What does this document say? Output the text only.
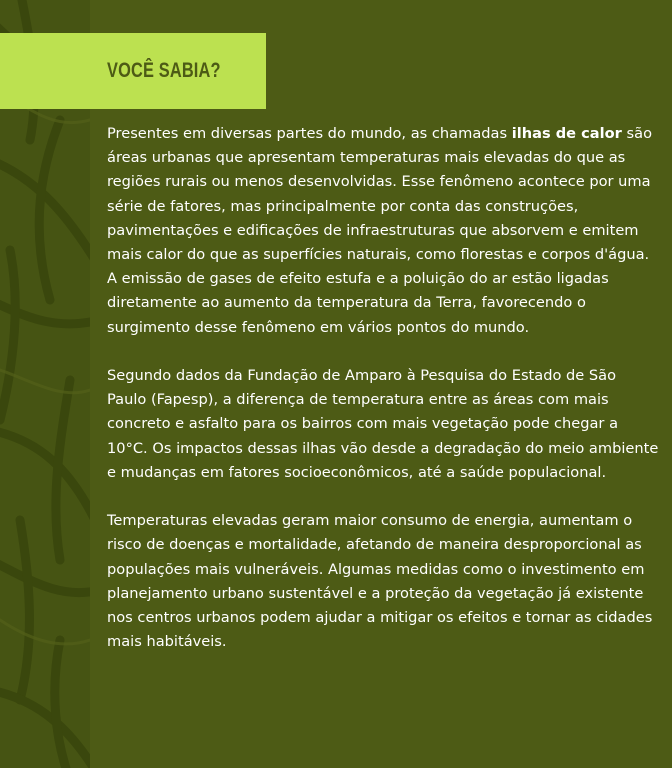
VOCÊ SABIA?

Presentes em diversas partes do mundo, as chamadas ilhas de calor são áreas urbanas que apresentam temperaturas mais elevadas do que as regiões rurais ou menos desenvolvidas. Esse fenômeno acontece por uma série de fatores, mas principalmente por conta das construções, pavimentações e edificações de infraestruturas que absorvem e emitem mais calor do que as superfícies naturais, como florestas e corpos d'água. A emissão de gases de efeito estufa e a poluição do ar estão ligadas diretamente ao aumento da temperatura da Terra, favorecendo o surgimento desse fenômeno em vários pontos do mundo.

Segundo dados da Fundação de Amparo à Pesquisa do Estado de São Paulo (Fapesp), a diferença de temperatura entre as áreas com mais concreto e asfalto para os bairros com mais vegetação pode chegar a 10°C. Os impactos dessas ilhas vão desde a degradação do meio ambiente e mudanças em fatores socioeconômicos, até a saúde populacional.

Temperaturas elevadas geram maior consumo de energia, aumentam o risco de doenças e mortalidade, afetando de maneira desproporcional as populações mais vulneráveis. Algumas medidas como o investimento em planejamento urbano sustentável e a proteção da vegetação já existente nos centros urbanos podem ajudar a mitigar os efeitos e tornar as cidades mais habitáveis.
